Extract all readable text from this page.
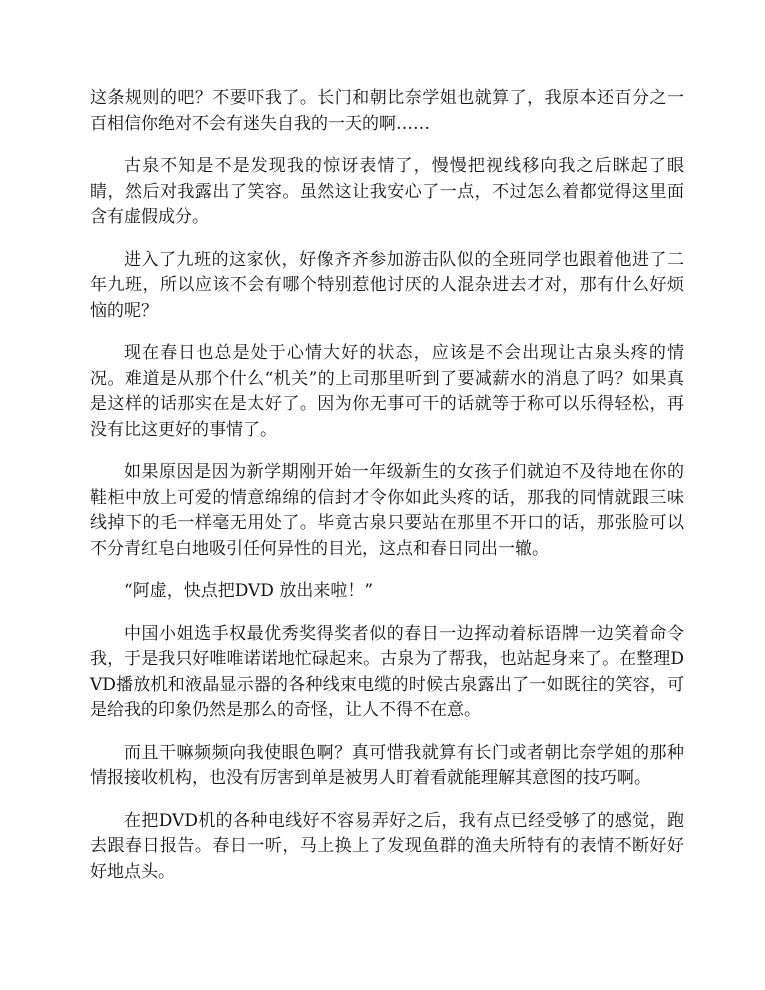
这条规则的吧？不要吓我了。长门和朝比奈学姐也就算了，我原本还百分之一百相信你绝对不会有迷失自我的一天的啊……

古泉不知是不是发现我的惊讶表情了，慢慢把视线移向我之后眯起了眼睛，然后对我露出了笑容。虽然这让我安心了一点，不过怎么着都觉得这里面含有虚假成分。

进入了九班的这家伙，好像齐齐参加游击队似的全班同学也跟着他进了二年九班，所以应该不会有哪个特别惹他讨厌的人混杂进去才对，那有什么好烦恼的呢？

现在春日也总是处于心情大好的状态，应该是不会出现让古泉头疼的情况。难道是从那个什么“机关”的上司那里听到了要减薪水的消息了吗？如果真是这样的话那实在是太好了。因为你无事可干的话就等于称可以乐得轻松，再没有比这更好的事情了。

如果原因是因为新学期刚开始一年级新生的女孩子们就迫不及待地在你的鞋柜中放上可爱的情意绵绵的信封才令你如此头疼的话，那我的同情就跟三味线掉下的毛一样毫无用处了。毕竟古泉只要站在那里不开口的话，那张脸可以不分青红皂白地吸引任何异性的目光，这点和春日同出一辙。

“阿虚，快点把DVD 放出来啦！”

中国小姐选手权最优秀奖得奖者似的春日一边挥动着标语牌一边笑着命令我，于是我只好唯唯诺诺地忙碌起来。古泉为了帮我，也站起身来了。在整理DVD播放机和液晶显示器的各种线束电缆的时候古泉露出了一如既往的笑容，可是给我的印象仍然是那么的奇怪，让人不得不在意。

而且干嘛频频向我使眼色啊？真可惜我就算有长门或者朝比奈学姐的那种情报接收机构，也没有厉害到单是被男人盯着看就能理解其意图的技巧啊。

在把DVD机的各种电线好不容易弄好之后，我有点已经受够了的感觉，跑去跟春日报告。春日一听，马上换上了发现鱼群的渔夫所特有的表情不断好好好地点头。
